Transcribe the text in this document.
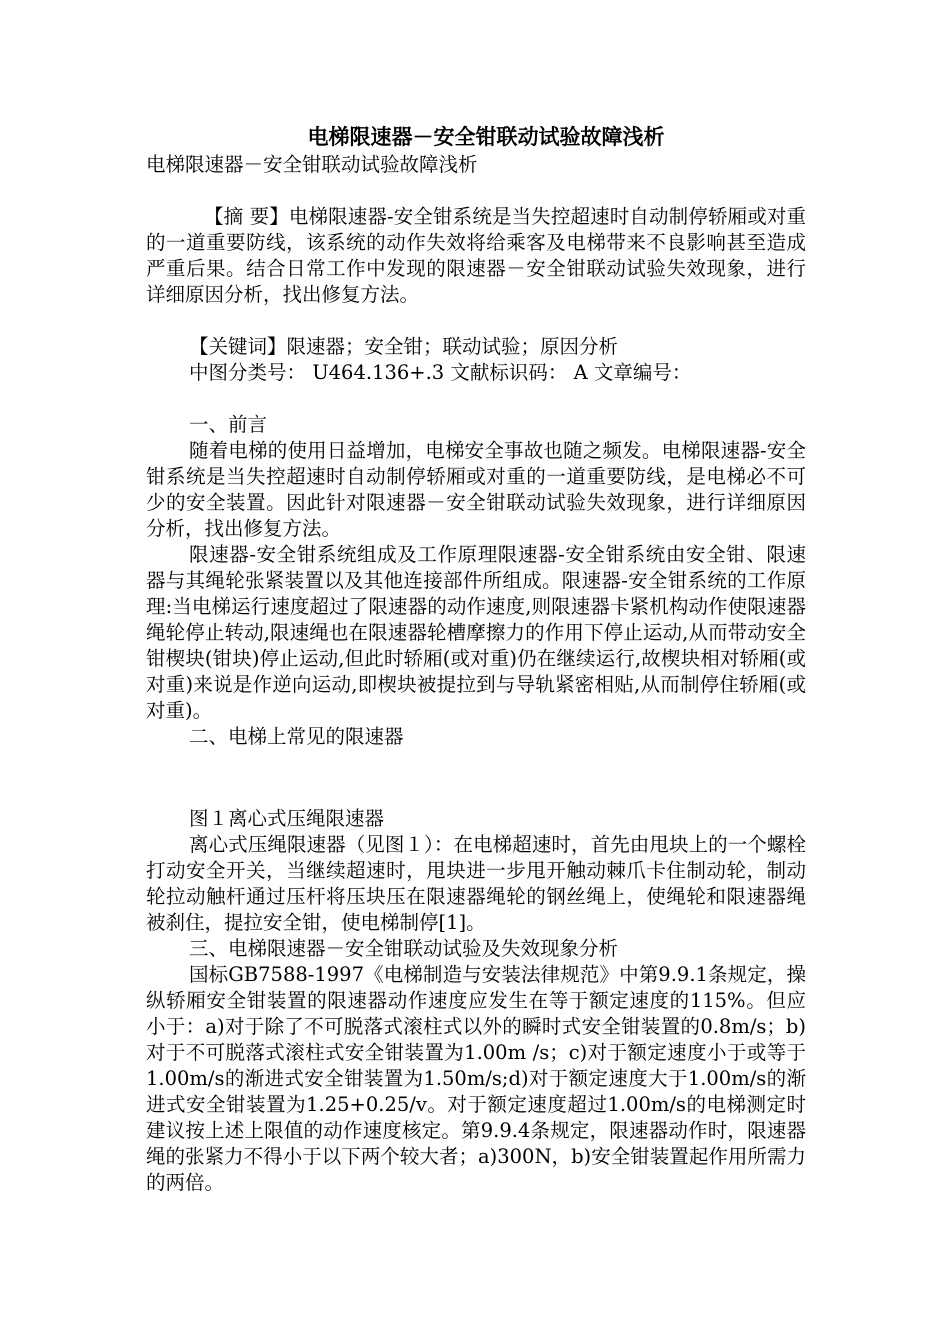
电梯限速器－安全钳联动试验故障浅析

电梯限速器－安全钳联动试验故障浅析

【摘 要】电梯限速器-安全钳系统是当失控超速时自动制停轿厢或对重的一道重要防线，该系统的动作失效将给乘客及电梯带来不良影响甚至造成严重后果。结合日常工作中发现的限速器－安全钳联动试验失效现象，进行详细原因分析，找出修复方法。

【关键词】限速器；安全钳；联动试验；原因分析

中图分类号： U464.136+.3 文献标识码： A 文章编号：

一、前言

随着电梯的使用日益增加，电梯安全事故也随之频发。电梯限速器-安全钳系统是当失控超速时自动制停轿厢或对重的一道重要防线，是电梯必不可少的安全装置。因此针对限速器－安全钳联动试验失效现象，进行详细原因分析，找出修复方法。

限速器-安全钳系统组成及工作原理限速器-安全钳系统由安全钳、限速器与其绳轮张紧装置以及其他连接部件所组成。限速器-安全钳系统的工作原理:当电梯运行速度超过了限速器的动作速度,则限速器卡紧机构动作使限速器绳轮停止转动,限速绳也在限速器轮槽摩擦力的作用下停止运动,从而带动安全钳楔块(钳块)停止运动,但此时轿厢(或对重)仍在继续运行,故楔块相对轿厢(或对重)来说是作逆向运动,即楔块被提拉到与导轨紧密相贴,从而制停住轿厢(或对重)。

二、电梯上常见的限速器

图１离心式压绳限速器

离心式压绳限速器（见图１）：在电梯超速时，首先由甩块上的一个螺栓打动安全开关，当继续超速时，甩块进一步甩开触动棘爪卡住制动轮，制动轮拉动触杆通过压杆将压块压在限速器绳轮的钢丝绳上，使绳轮和限速器绳被刹住，提拉安全钳，使电梯制停[1]。

三、电梯限速器－安全钳联动试验及失效现象分析

国标GB7588-1997《电梯制造与安装法律规范》中第9.9.1条规定，操纵轿厢安全钳装置的限速器动作速度应发生在等于额定速度的115%。但应小于：a)对于除了不可脱落式滚柱式以外的瞬时式安全钳装置的0.8m/s；b)对于不可脱落式滚柱式安全钳装置为1.00m /s；c)对于额定速度小于或等于1.00m/s的渐进式安全钳装置为1.50m/s;d)对于额定速度大于1.00m/s的渐进式安全钳装置为1.25+0.25/v。对于额定速度超过1.00m/s的电梯测定时建议按上述上限值的动作速度核定。第9.9.4条规定，限速器动作时，限速器绳的张紧力不得小于以下两个较大者；a)300N，b)安全钳装置起作用所需力的两倍。
